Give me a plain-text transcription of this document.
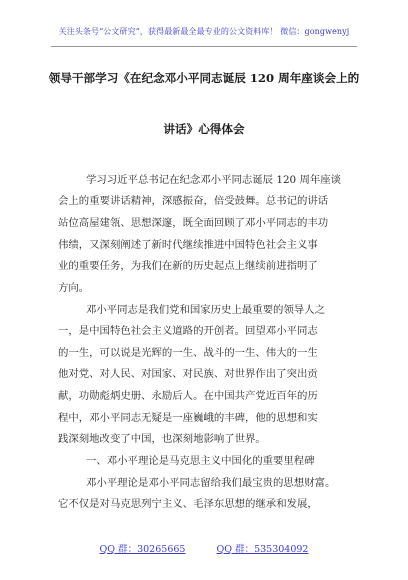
关注头条号“公文研究”，获得最新最全最专业的公文资料库！ 微信：gongwenyj
领导干部学习《在纪念邓小平同志诞辰 120 周年座谈会上的
讲话》心得体会
学习习近平总书记在纪念邓小平同志诞辰 120 周年座谈
会上的重要讲话精神，深感振奋，倍受鼓舞。总书记的讲话
站位高屋建瓴、思想深邃，既全面回顾了邓小平同志的丰功
伟绩，又深刻阐述了新时代继续推进中国特色社会主义事
业的重要任务，为我们在新的历史起点上继续前进指明了
方向。
邓小平同志是我们党和国家历史上最重要的领导人之
一，是中国特色社会主义道路的开创者。回望邓小平同志
的一生，可以说是光辉的一生、战斗的一生、伟大的一生
他对党、对人民、对国家、对民族、对世界作出了突出贡
献，功勋彪炳史册、永励后人。在中国共产党近百年的历
程中，邓小平同志无疑是一座巍峨的丰碑，他的思想和实
践深刻地改变了中国，也深刻地影响了世界。
一、邓小平理论是马克思主义中国化的重要里程碑
邓小平理论是邓小平同志留给我们最宝贵的思想财富。
它不仅是对马克思列宁主义、毛泽东思想的继承和发展，
QQ 群：30265665	QQ 群：535304092
